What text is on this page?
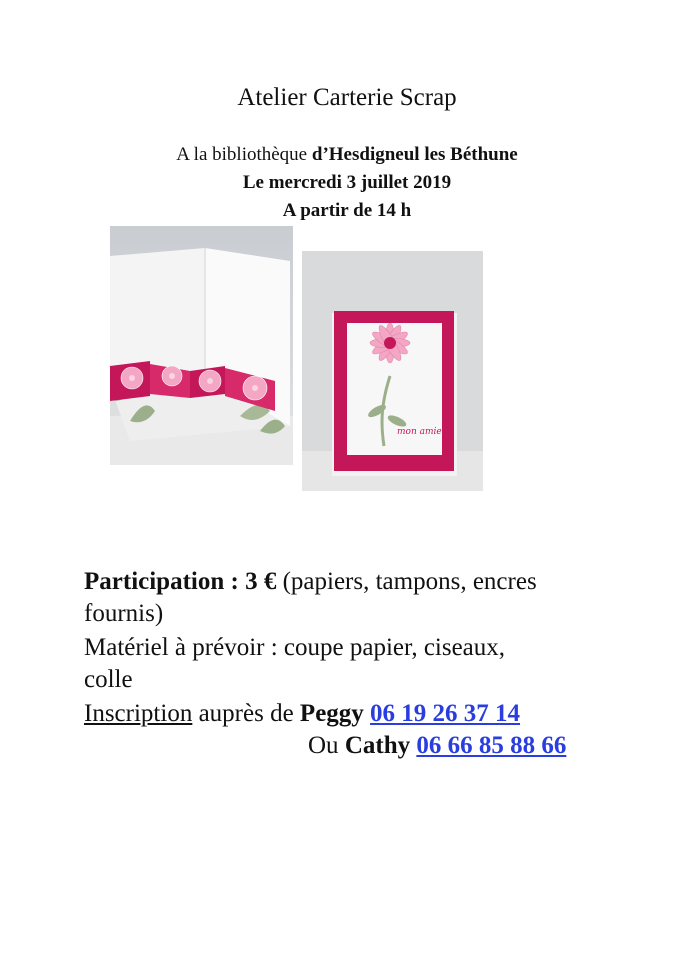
Atelier Carterie Scrap
A la bibliothèque d’Hesdigneul les Béthune
Le mercredi 3 juillet 2019
A partir de 14 h
mon amie
Participation : 3 € (papiers, tampons, encres
fournis)
Matériel à prévoir : coupe papier, ciseaux,
colle
Inscription auprès de Peggy 06 19 26 37 14
Ou Cathy 06 66 85 88 66
